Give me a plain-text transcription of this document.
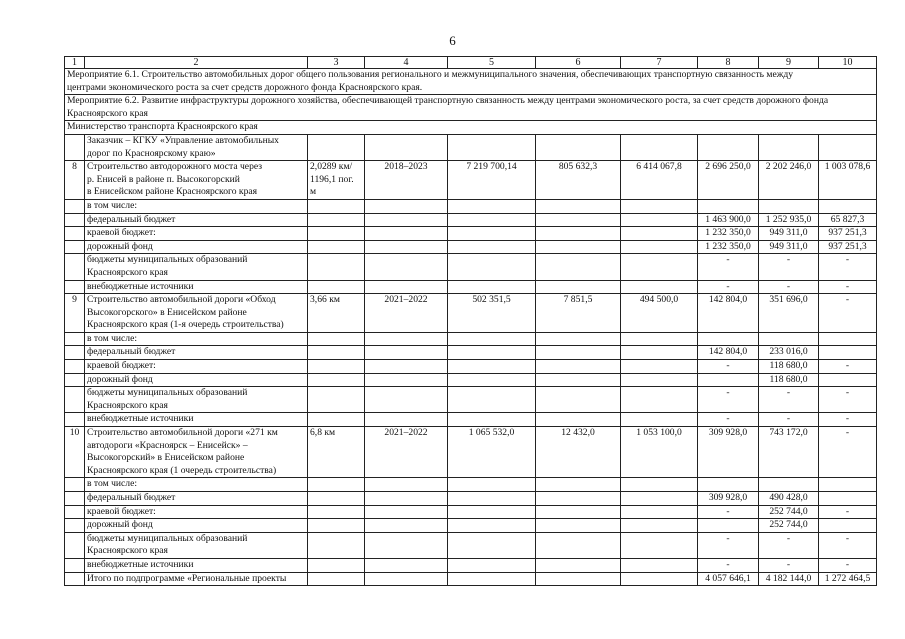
6
1	2	3	4	5	6	7	8	9	10

Мероприятие 6.1. Строительство автомобильных дорог общего пользования регионального и межмуниципального значения, обеспечивающих транспортную связанность между
центрами экономического роста за счет средств дорожного фонда Красноярского края.									

Мероприятие 6.2. Развитие инфраструктуры дорожного хозяйства, обеспечивающей транспортную связанность между центрами экономического роста, за счет средств дорожного фонда
Красноярского края									

Министерство транспорта Красноярского края									

	Заказчик – КГКУ «Управление автомобильных
дорог по Красноярскому краю»								

8	Строительство автодорожного моста через
р. Енисей в районе п. Высокогорский
в Енисейском районе Красноярского края	2,0289 км/
1196,1 пог.
м	2018–2023	7 219 700,14	805 632,3	6 414 067,8	2 696 250,0	2 202 246,0	1 003 078,6
	в том числе:								

	федеральный бюджет						1 463 900,0	1 252 935,0	65 827,3

	краевой бюджет:						1 232 350,0	949 311,0	937 251,3

	дорожный фонд						1 232 350,0	949 311,0	937 251,3

	бюджеты муниципальных образований
Красноярского края						-	-	-

	внебюджетные источники						-	-	-
9	Строительство автомобильной дороги «Обход
Высокогорского» в Енисейском районе
Красноярского края (1-я очередь строительства)	3,66 км	2021–2022	502 351,5	7 851,5	494 500,0	142 804,0	351 696,0	-
	в том числе:								

	федеральный бюджет						142 804,0	233 016,0	

	краевой бюджет:						-	118 680,0	-

	дорожный фонд							118 680,0	

	бюджеты муниципальных образований
Красноярского края						-	-	-

	внебюджетные источники						-	-	-
10	Строительство автомобильной дороги «271 км
автодороги «Красноярск – Енисейск» –
Высокогорский» в Енисейском районе
Красноярского края (1 очередь строительства)	6,8 км	2021–2022	1 065 532,0	12 432,0	1 053 100,0	309 928,0	743 172,0	-
	в том числе:								

	федеральный бюджет						309 928,0	490 428,0	

	краевой бюджет:						-	252 744,0	-

	дорожный фонд							252 744,0	

	бюджеты муниципальных образований
Красноярского края						-	-	-

	внебюджетные источники						-	-	-
	Итого по подпрограмме «Региональные проекты						4 057 646,1	4 182 144,0	1 272 464,5
